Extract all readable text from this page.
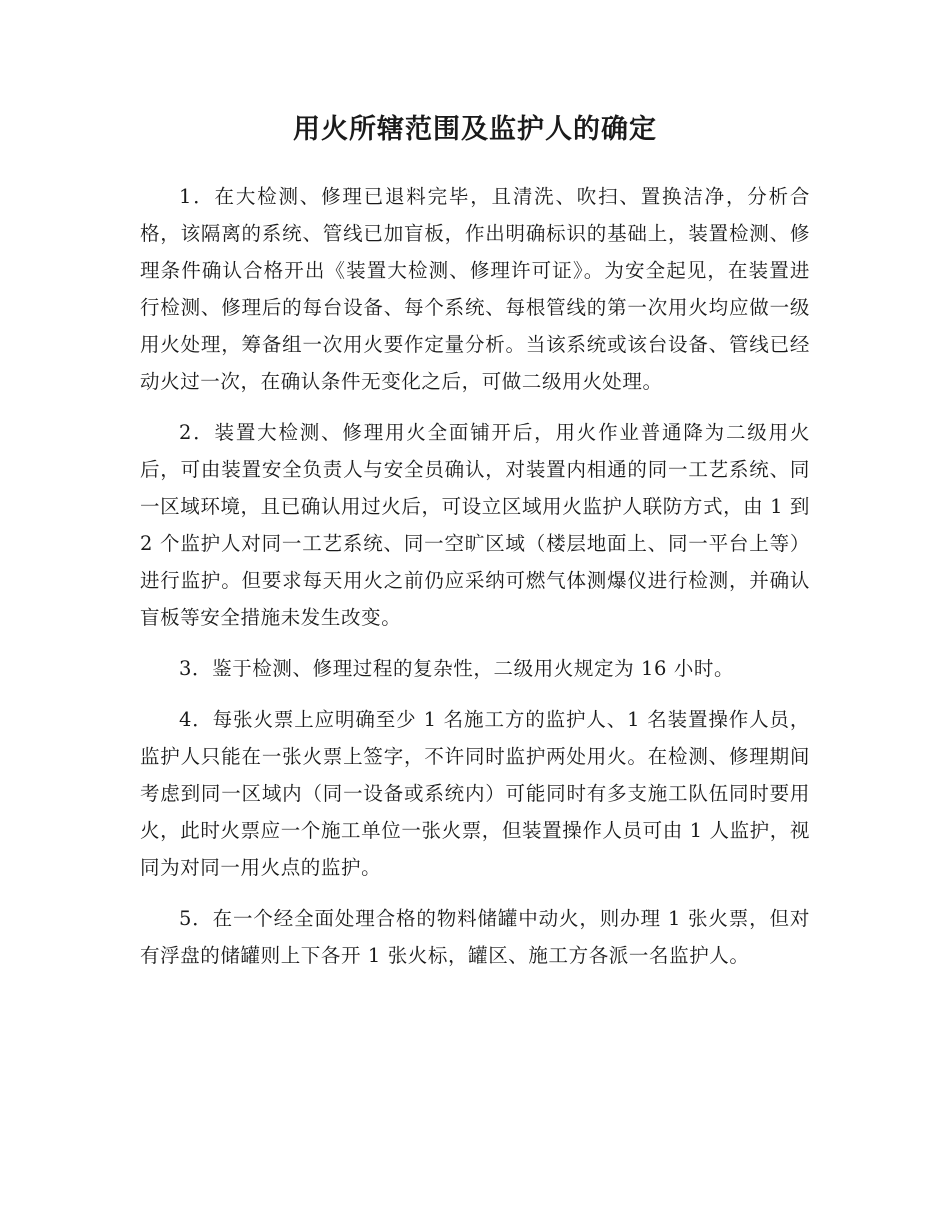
用火所辖范围及监护人的确定

1．在大检测、修理已退料完毕，且清洗、吹扫、置换洁净，分析合格，该隔离的系统、管线已加盲板，作出明确标识的基础上，装置检测、修理条件确认合格开出《装置大检测、修理许可证》。为安全起见，在装置进行检测、修理后的每台设备、每个系统、每根管线的第一次用火均应做一级用火处理，筹备组一次用火要作定量分析。当该系统或该台设备、管线已经动火过一次，在确认条件无变化之后，可做二级用火处理。

2．装置大检测、修理用火全面铺开后，用火作业普通降为二级用火后，可由装置安全负责人与安全员确认，对装置内相通的同一工艺系统、同一区域环境，且已确认用过火后，可设立区域用火监护人联防方式，由 1 到 2 个监护人对同一工艺系统、同一空旷区域（楼层地面上、同一平台上等）进行监护。但要求每天用火之前仍应采纳可燃气体测爆仪进行检测，并确认盲板等安全措施未发生改变。

3．鉴于检测、修理过程的复杂性，二级用火规定为 16 小时。

4．每张火票上应明确至少 1 名施工方的监护人、1 名装置操作人员，监护人只能在一张火票上签字，不许同时监护两处用火。在检测、修理期间考虑到同一区域内（同一设备或系统内）可能同时有多支施工队伍同时要用火，此时火票应一个施工单位一张火票，但装置操作人员可由 1 人监护，视同为对同一用火点的监护。

5．在一个经全面处理合格的物料储罐中动火，则办理 1 张火票，但对有浮盘的储罐则上下各开 1 张火标，罐区、施工方各派一名监护人。
